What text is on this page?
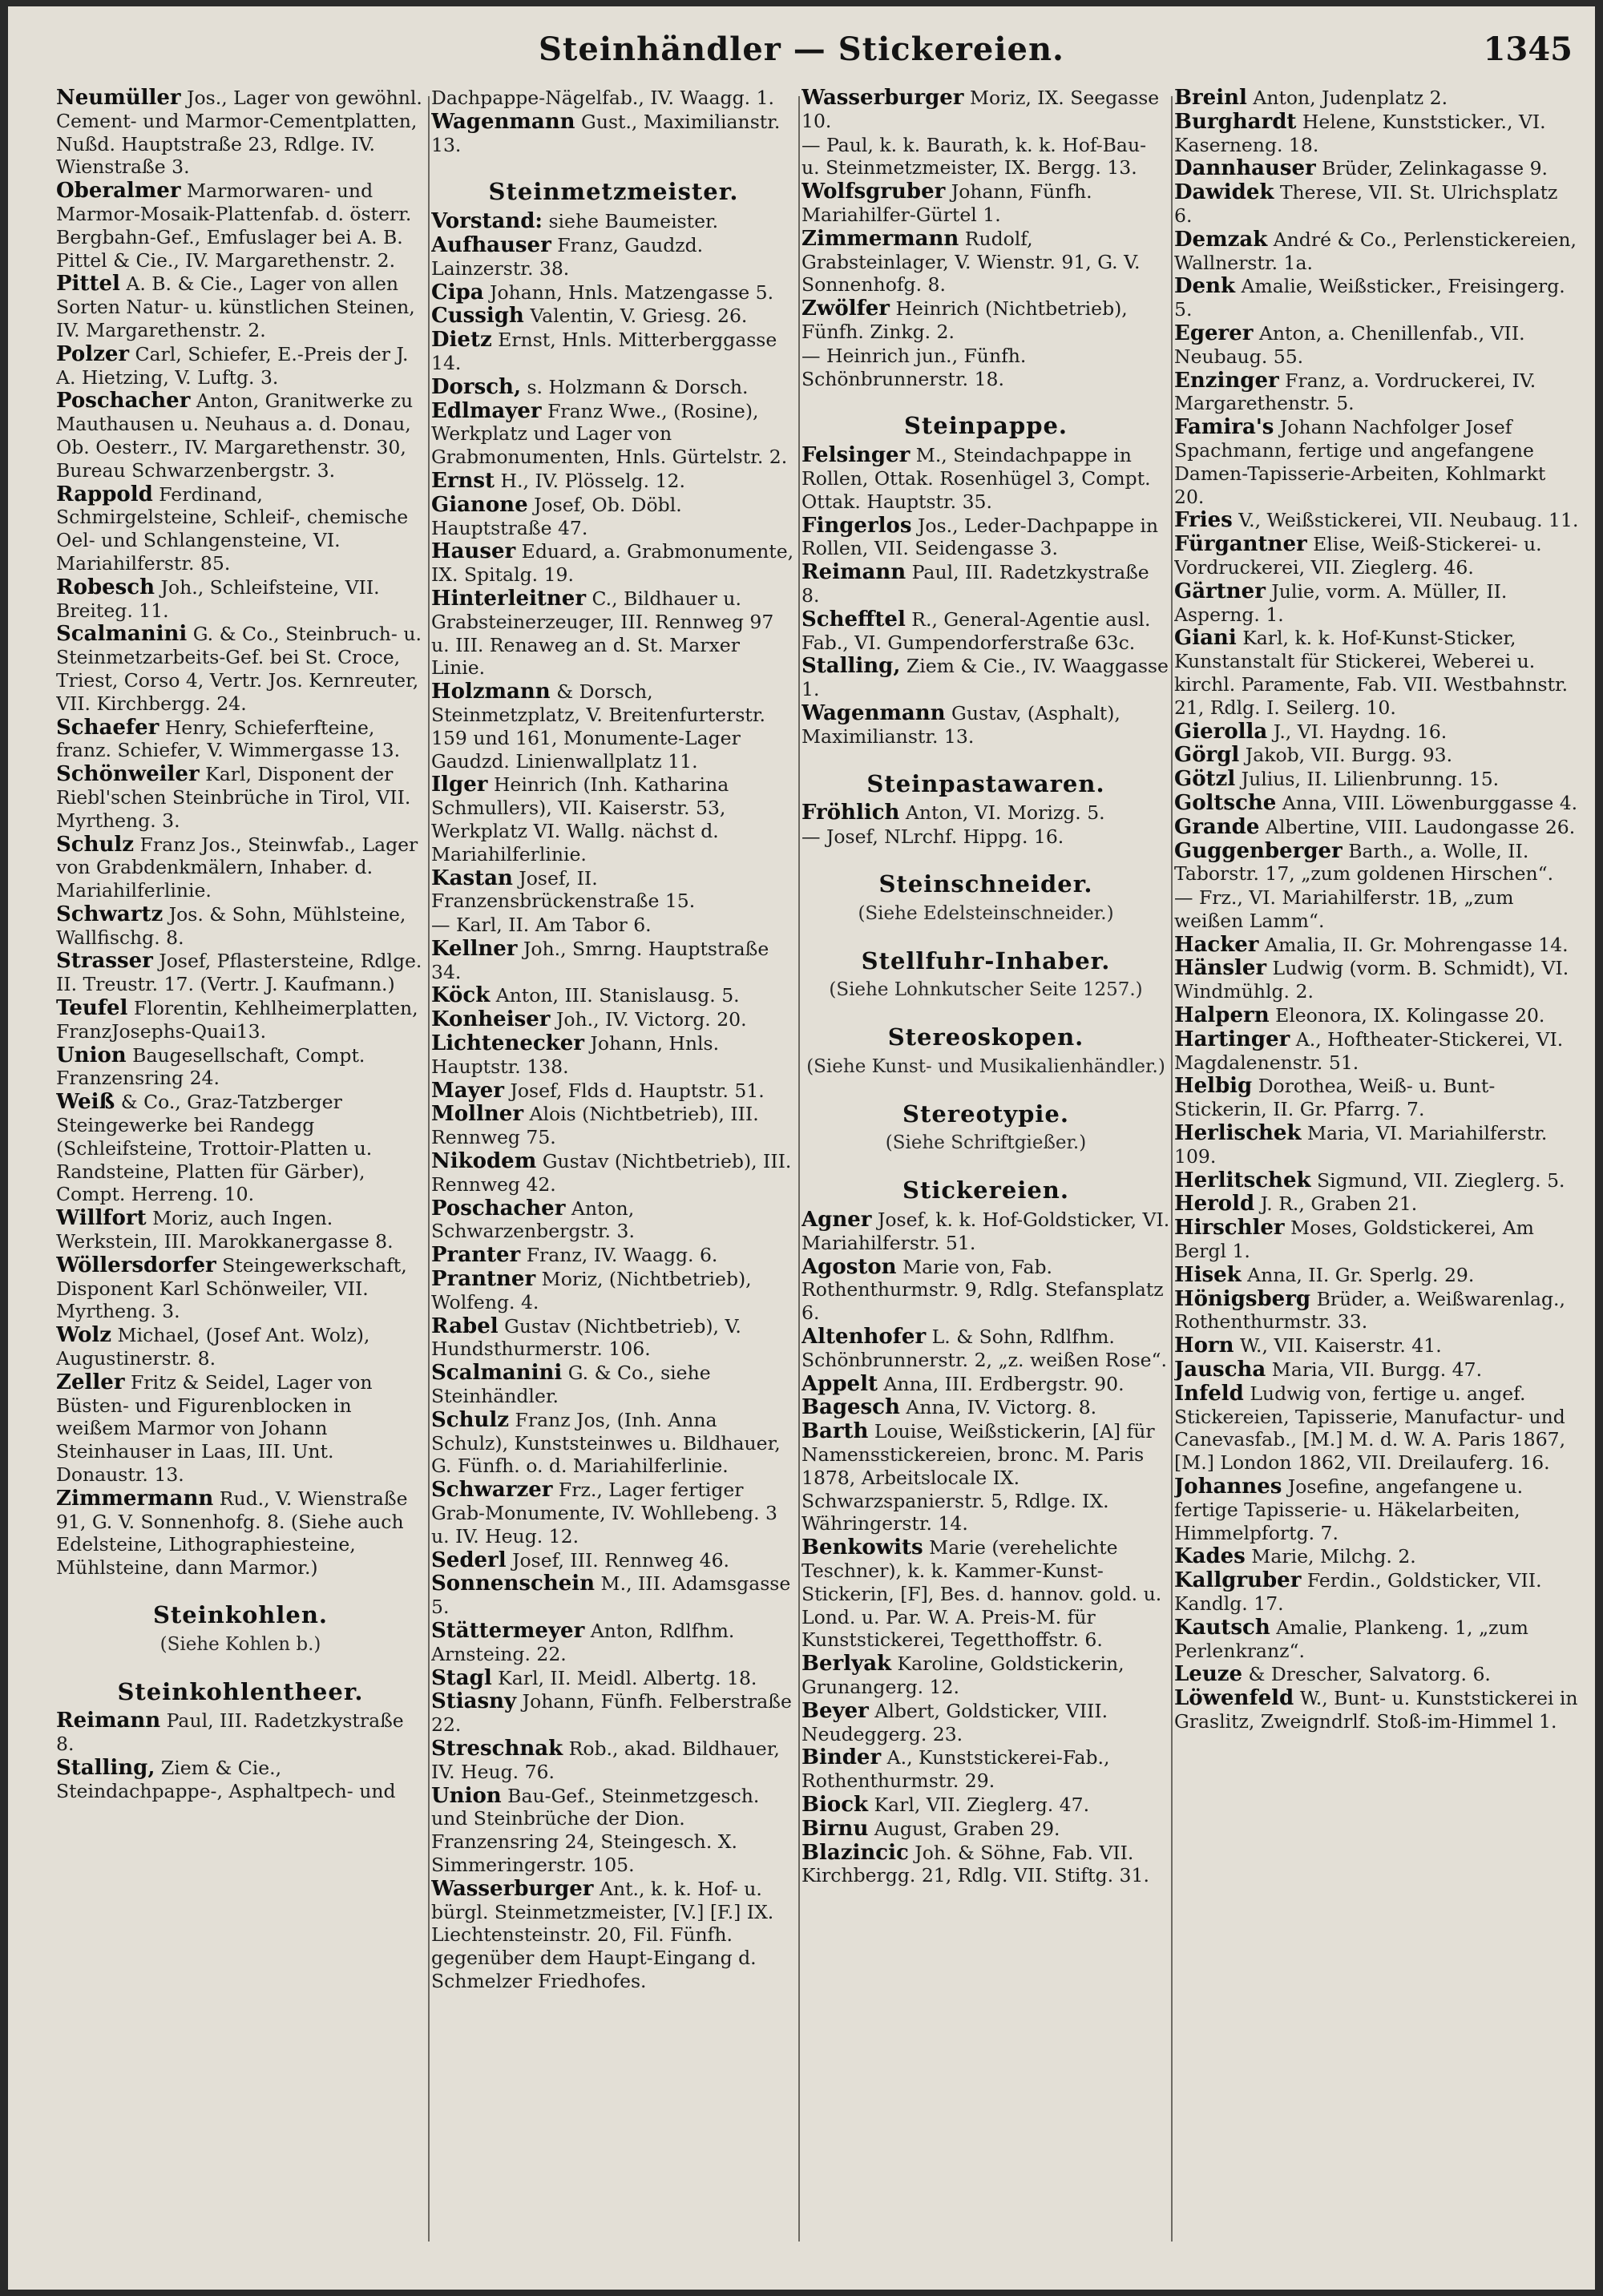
Steinhändler — Stickereien.	1345
Neumüller Jos., Lager von gewöhnl. Cement- und Marmor-Cementplatten, Nußd. Hauptstraße 23, Rdlge. IV. Wienstraße 3.
Oberalmer Marmorwaren- und Marmor-Mosaik-Plattenfab. d. österr. Bergbahn-Gef., Emfuslager bei A. B. Pittel & Cie., IV. Margarethenstr. 2.
Pittel A. B. & Cie., Lager von allen Sorten Natur- u. künstlichen Steinen, IV. Margarethenstr. 2.
Polzer Carl, Schiefer, E.-Preis der J. A. Hietzing, V. Luftg. 3.
Poschacher Anton, Granitwerke zu Mauthausen u. Neuhaus a. d. Donau, Ob. Oesterr., IV. Margarethenstr. 30, Bureau Schwarzenbergstr. 3.
Rappold Ferdinand, Schmirgelsteine, Schleif-, chemische Oel- und Schlangensteine, VI. Mariahilferstr. 85.
Robesch Joh., Schleifsteine, VII. Breiteg. 11.
Scalmanini G. & Co., Steinbruch- u. Steinmetzarbeits-Gef. bei St. Croce, Triest, Corso 4, Vertr. Jos. Kernreuter, VII. Kirchbergg. 24.
Schaefer Henry, Schieferfteine, franz. Schiefer, V. Wimmergasse 13.
Schönweiler Karl, Disponent der Riebl'schen Steinbrüche in Tirol, VII. Myrtheng. 3.
Schulz Franz Jos., Steinwfab., Lager von Grabdenkmälern, Inhaber. d. Mariahilferlinie.
Schwartz Jos. & Sohn, Mühlsteine, Wallfischg. 8.
Strasser Josef, Pflastersteine, Rdlge. II. Treustr. 17. (Vertr. J. Kaufmann.)
Teufel Florentin, Kehlheimerplatten, FranzJosephs-Quai13.
Union Baugesellschaft, Compt. Franzensring 24.
Weiß & Co., Graz-Tatzberger Steingewerke bei Randegg (Schleifsteine, Trottoir-Platten u. Randsteine, Platten für Gärber), Compt. Herreng. 10.
Willfort Moriz, auch Ingen. Werkstein, III. Marokkanergasse 8.
Wöllersdorfer Steingewerkschaft, Disponent Karl Schönweiler, VII. Myrtheng. 3.
Wolz Michael, (Josef Ant. Wolz), Augustinerstr. 8.
Zeller Fritz & Seidel, Lager von Büsten- und Figurenblocken in weißem Marmor von Johann Steinhauser in Laas, III. Unt. Donaustr. 13.
Zimmermann Rud., V. Wienstraße 91, G. V. Sonnenhofg. 8. (Siehe auch Edelsteine, Lithographiesteine, Mühlsteine, dann Marmor.)
Steinkohlen.
(Siehe Kohlen b.)
Steinkohlentheer.
Reimann Paul, III. Radetzkystraße 8.
Stalling, Ziem & Cie., Steindachpappe-, Asphaltpech- und
Dachpappe-Nägelfab., IV. Waagg. 1.
Wagenmann Gust., Maximilianstr. 13.
Steinmetzmeister.
Vorstand: siehe Baumeister.
Aufhauser Franz, Gaudzd. Lainzerstr. 38.
Cipa Johann, Hnls. Matzengasse 5.
Cussigh Valentin, V. Griesg. 26.
Dietz Ernst, Hnls. Mitterberggasse 14.
Dorsch, s. Holzmann & Dorsch.
Edlmayer Franz Wwe., (Rosine), Werkplatz und Lager von Grabmonumenten, Hnls. Gürtelstr. 2.
Ernst H., IV. Plösselg. 12.
Gianone Josef, Ob. Döbl. Hauptstraße 47.
Hauser Eduard, a. Grabmonumente, IX. Spitalg. 19.
Hinterleitner C., Bildhauer u. Grabsteinerzeuger, III. Rennweg 97 u. III. Renaweg an d. St. Marxer Linie.
Holzmann & Dorsch, Steinmetzplatz, V. Breitenfurterstr. 159 und 161, Monumente-Lager Gaudzd. Linienwallplatz 11.
Ilger Heinrich (Inh. Katharina Schmullers), VII. Kaiserstr. 53, Werkplatz VI. Wallg. nächst d. Mariahilferlinie.
Kastan Josef, II. Franzensbrückenstraße 15.
— Karl, II. Am Tabor 6.
Kellner Joh., Smrng. Hauptstraße 34.
Köck Anton, III. Stanislausg. 5.
Konheiser Joh., IV. Victorg. 20.
Lichtenecker Johann, Hnls. Hauptstr. 138.
Mayer Josef, Flds d. Hauptstr. 51.
Mollner Alois (Nichtbetrieb), III. Rennweg 75.
Nikodem Gustav (Nichtbetrieb), III. Rennweg 42.
Poschacher Anton, Schwarzenbergstr. 3.
Pranter Franz, IV. Waagg. 6.
Prantner Moriz, (Nichtbetrieb), Wolfeng. 4.
Rabel Gustav (Nichtbetrieb), V. Hundsthurmerstr. 106.
Scalmanini G. & Co., siehe Steinhändler.
Schulz Franz Jos, (Inh. Anna Schulz), Kunststeinwes u. Bildhauer, G. Fünfh. o. d. Mariahilferlinie.
Schwarzer Frz., Lager fertiger Grab-Monumente, IV. Wohllebeng. 3 u. IV. Heug. 12.
Sederl Josef, III. Rennweg 46.
Sonnenschein M., III. Adamsgasse 5.
Stättermeyer Anton, Rdlfhm. Arnsteing. 22.
Stagl Karl, II. Meidl. Albertg. 18.
Stiasny Johann, Fünfh. Felberstraße 22.
Streschnak Rob., akad. Bildhauer, IV. Heug. 76.
Union Bau-Gef., Steinmetzgesch. und Steinbrüche der Dion. Franzensring 24, Steingesch. X. Simmeringerstr. 105.
Wasserburger Ant., k. k. Hof- u. bürgl. Steinmetzmeister, [V.] [F.] IX. Liechtensteinstr. 20, Fil. Fünfh. gegenüber dem Haupt-Eingang d. Schmelzer Friedhofes.
Wasserburger Moriz, IX. Seegasse 10.
— Paul, k. k. Baurath, k. k. Hof-Bau- u. Steinmetzmeister, IX. Bergg. 13.
Wolfsgruber Johann, Fünfh. Mariahilfer-Gürtel 1.
Zimmermann Rudolf, Grabsteinlager, V. Wienstr. 91, G. V. Sonnenhofg. 8.
Zwölfer Heinrich (Nichtbetrieb), Fünfh. Zinkg. 2.
— Heinrich jun., Fünfh. Schönbrunnerstr. 18.
Steinpappe.
Felsinger M., Steindachpappe in Rollen, Ottak. Rosenhügel 3, Compt. Ottak. Hauptstr. 35.
Fingerlos Jos., Leder-Dachpappe in Rollen, VII. Seidengasse 3.
Reimann Paul, III. Radetzkystraße 8.
Schefftel R., General-Agentie ausl. Fab., VI. Gumpendorferstraße 63c.
Stalling, Ziem & Cie., IV. Waaggasse 1.
Wagenmann Gustav, (Asphalt), Maximilianstr. 13.
Steinpastawaren.
Fröhlich Anton, VI. Morizg. 5.
— Josef, NLrchf. Hippg. 16.
Steinschneider.
(Siehe Edelsteinschneider.)
Stellfuhr-Inhaber.
(Siehe Lohnkutscher Seite 1257.)
Stereoskopen.
(Siehe Kunst- und Musikalienhändler.)
Stereotypie.
(Siehe Schriftgießer.)
Stickereien.
Agner Josef, k. k. Hof-Goldsticker, VI. Mariahilferstr. 51.
Agoston Marie von, Fab. Rothenthurmstr. 9, Rdlg. Stefansplatz 6.
Altenhofer L. & Sohn, Rdlfhm. Schönbrunnerstr. 2, „z. weißen Rose“.
Appelt Anna, III. Erdbergstr. 90.
Bagesch Anna, IV. Victorg. 8.
Barth Louise, Weißstickerin, [A] für Namensstickereien, bronc. M. Paris 1878, Arbeitslocale IX. Schwarzspanierstr. 5, Rdlge. IX. Währingerstr. 14.
Benkowits Marie (verehelichte Teschner), k. k. Kammer-Kunst-Stickerin, [F], Bes. d. hannov. gold. u. Lond. u. Par. W. A. Preis-M. für Kunststickerei, Tegetthoffstr. 6.
Berlyak Karoline, Goldstickerin, Grunangerg. 12.
Beyer Albert, Goldsticker, VIII. Neudeggerg. 23.
Binder A., Kunststickerei-Fab., Rothenthurmstr. 29.
Biock Karl, VII. Zieglerg. 47.
Birnu August, Graben 29.
Blazincic Joh. & Söhne, Fab. VII. Kirchbergg. 21, Rdlg. VII. Stiftg. 31.
Breinl Anton, Judenplatz 2.
Burghardt Helene, Kunststicker., VI. Kaserneng. 18.
Dannhauser Brüder, Zelinkagasse 9.
Dawidek Therese, VII. St. Ulrichsplatz 6.
Demzak André & Co., Perlenstickereien, Wallnerstr. 1a.
Denk Amalie, Weißsticker., Freisingerg. 5.
Egerer Anton, a. Chenillenfab., VII. Neubaug. 55.
Enzinger Franz, a. Vordruckerei, IV. Margarethenstr. 5.
Famira's Johann Nachfolger Josef Spachmann, fertige und angefangene Damen-Tapisserie-Arbeiten, Kohlmarkt 20.
Fries V., Weißstickerei, VII. Neubaug. 11.
Fürgantner Elise, Weiß-Stickerei- u. Vordruckerei, VII. Zieglerg. 46.
Gärtner Julie, vorm. A. Müller, II. Asperng. 1.
Giani Karl, k. k. Hof-Kunst-Sticker, Kunstanstalt für Stickerei, Weberei u. kirchl. Paramente, Fab. VII. Westbahnstr. 21, Rdlg. I. Seilerg. 10.
Gierolla J., VI. Haydng. 16.
Görgl Jakob, VII. Burgg. 93.
Götzl Julius, II. Lilienbrunng. 15.
Goltsche Anna, VIII. Löwenburggasse 4.
Grande Albertine, VIII. Laudongasse 26.
Guggenberger Barth., a. Wolle, II. Taborstr. 17, „zum goldenen Hirschen“.
— Frz., VI. Mariahilferstr. 1B, „zum weißen Lamm“.
Hacker Amalia, II. Gr. Mohrengasse 14.
Hänsler Ludwig (vorm. B. Schmidt), VI. Windmühlg. 2.
Halpern Eleonora, IX. Kolingasse 20.
Hartinger A., Hoftheater-Stickerei, VI. Magdalenenstr. 51.
Helbig Dorothea, Weiß- u. Bunt-Stickerin, II. Gr. Pfarrg. 7.
Herlischek Maria, VI. Mariahilferstr. 109.
Herlitschek Sigmund, VII. Zieglerg. 5.
Herold J. R., Graben 21.
Hirschler Moses, Goldstickerei, Am Bergl 1.
Hisek Anna, II. Gr. Sperlg. 29.
Hönigsberg Brüder, a. Weißwarenlag., Rothenthurmstr. 33.
Horn W., VII. Kaiserstr. 41.
Jauscha Maria, VII. Burgg. 47.
Infeld Ludwig von, fertige u. angef. Stickereien, Tapisserie, Manufactur- und Canevasfab., [M.] M. d. W. A. Paris 1867, [M.] London 1862, VII. Dreilauferg. 16.
Johannes Josefine, angefangene u. fertige Tapisserie- u. Häkelarbeiten, Himmelpfortg. 7.
Kades Marie, Milchg. 2.
Kallgruber Ferdin., Goldsticker, VII. Kandlg. 17.
Kautsch Amalie, Plankeng. 1, „zum Perlenkranz“.
Leuze & Drescher, Salvatorg. 6.
Löwenfeld W., Bunt- u. Kunststickerei in Graslitz, Zweigndrlf. Stoß-im-Himmel 1.
